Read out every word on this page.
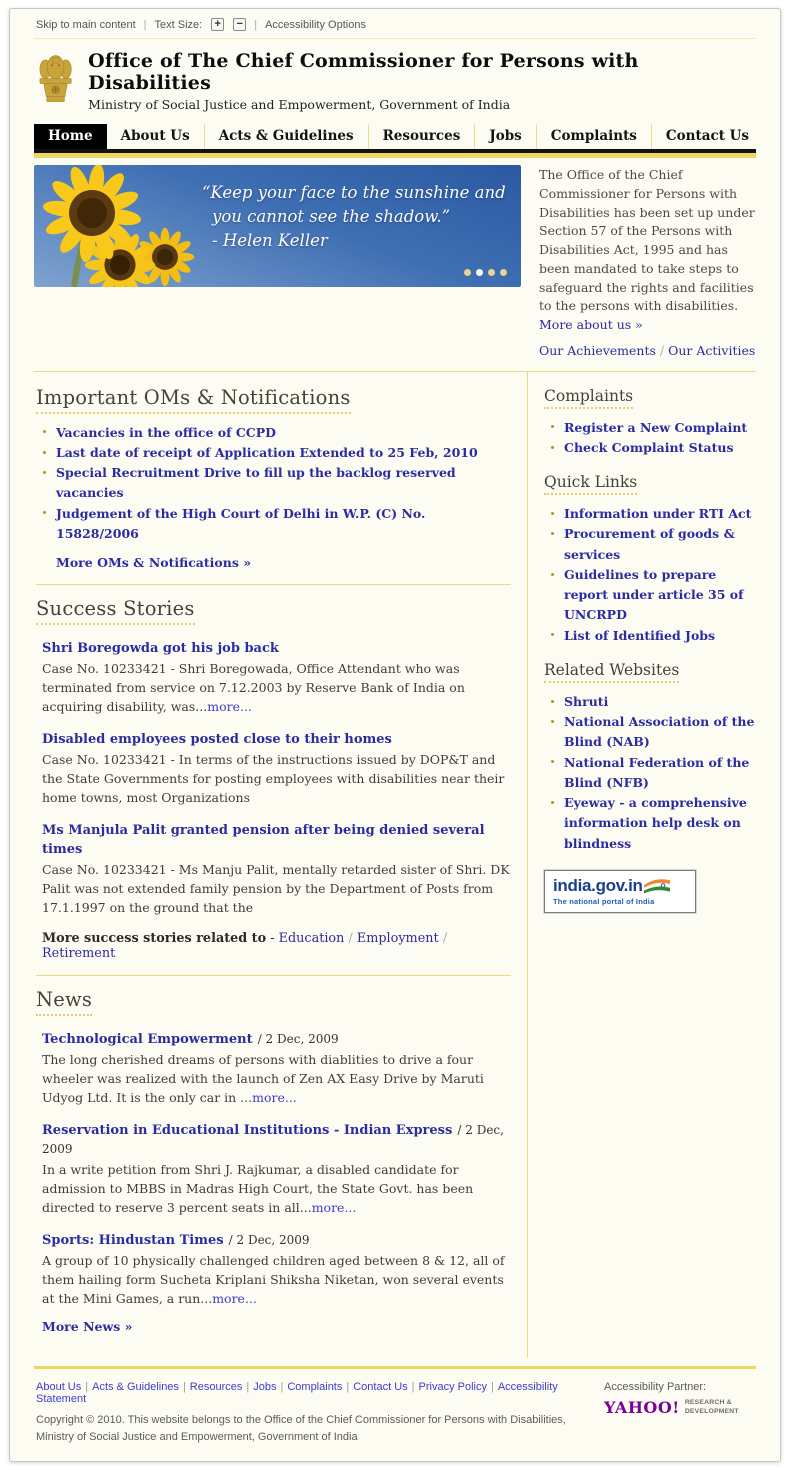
Skip to main content | Text Size: + − | Accessibility Options
Office of The Chief Commissioner for Persons with Disabilities
Ministry of Social Justice and Empowerment, Government of India
Home	About Us	Acts & Guidelines	Resources	Jobs	Complaints	Contact Us
“Keep your face to the sunshine and
you cannot see the shadow.”
- Helen Keller

The Office of the Chief Commissioner for Persons with Disabilities has been set up under Section 57 of the Persons with Disabilities Act, 1995 and has been mandated to take steps to safeguard the rights and facilities to the persons with disabilities. More about us »

Our Achievements / Our Activities
Important OMs & Notifications
Vacancies in the office of CCPD
Last date of receipt of Application Extended to 25 Feb, 2010
Special Recruitment Drive to fill up the backlog reserved vacancies
Judgement of the High Court of Delhi in W.P. (C) No. 15828/2006
More OMs & Notifications »
Success Stories
Shri Boregowda got his job back
Case No. 10233421 - Shri Boregowada, Office Attendant who was terminated from service on 7.12.2003 by Reserve Bank of India on acquiring disability, was...more...
Disabled employees posted close to their homes
Case No. 10233421 - In terms of the instructions issued by DOP&T and the State Governments for posting employees with disabilities near their home towns, most Organizations
Ms Manjula Palit granted pension after being denied several times
Case No. 10233421 - Ms Manju Palit, mentally retarded sister of Shri. DK Palit was not extended family pension by the Department of Posts from 17.1.1997 on the ground that the
More success stories related to - Education / Employment / Retirement
News
Technological Empowerment / 2 Dec, 2009
The long cherished dreams of persons with diablities to drive a four wheeler was realized with the launch of Zen AX Easy Drive by Maruti Udyog Ltd. It is the only car in ...more...
Reservation in Educational Institutions - Indian Express / 2 Dec, 2009
In a write petition from Shri J. Rajkumar, a disabled candidate for admission to MBBS in Madras High Court, the State Govt. has been directed to reserve 3 percent seats in all...more...
Sports: Hindustan Times / 2 Dec, 2009
A group of 10 physically challenged children aged between 8 & 12, all of them hailing form Sucheta Kriplani Shiksha Niketan, won several events at the Mini Games, a run...more...
More News »
Complaints
Register a New Complaint
Check Complaint Status
Quick Links
Information under RTI Act
Procurement of goods & services
Guidelines to prepare report under article 35 of UNCRPD
List of Identified Jobs
Related Websites
Shruti
National Association of the Blind (NAB)
National Federation of the Blind (NFB)
Eyeway - a comprehensive information help desk on blindness
india.gov.in
The national portal of India
About Us | Acts & Guidelines | Resources | Jobs | Complaints | Contact Us | Privacy Policy | Accessibility Statement
Copyright © 2010. This website belongs to the Office of the Chief Commissioner for Persons with Disabilities,
Ministry of Social Justice and Empowerment, Government of India
Accessibility Partner:
YAHOO! RESEARCH &
DEVELOPMENT
